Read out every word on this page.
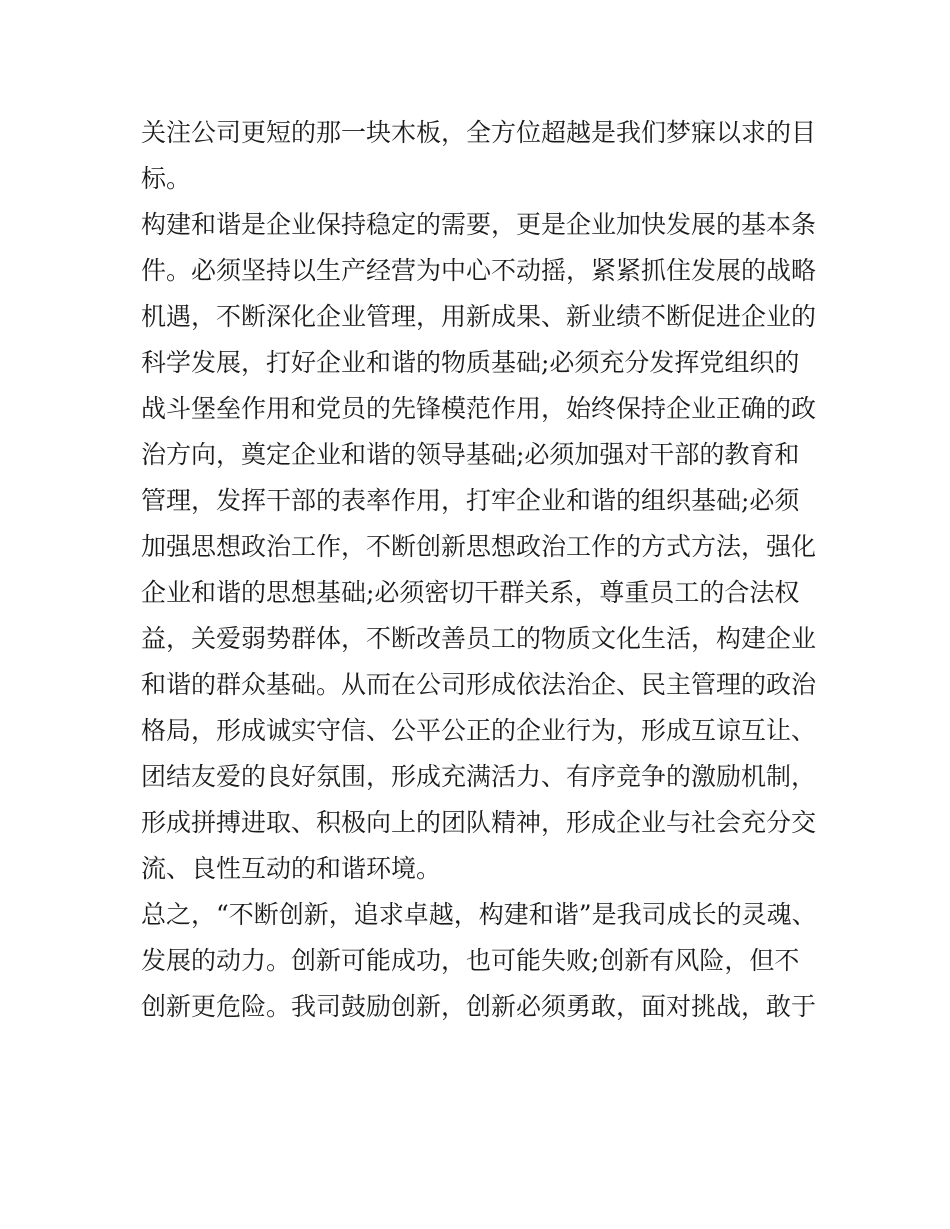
关注公司更短的那一块木板，全方位超越是我们梦寐以求的目
标。
构建和谐是企业保持稳定的需要，更是企业加快发展的基本条
件。必须坚持以生产经营为中心不动摇，紧紧抓住发展的战略
机遇，不断深化企业管理，用新成果、新业绩不断促进企业的
科学发展，打好企业和谐的物质基础;必须充分发挥党组织的
战斗堡垒作用和党员的先锋模范作用，始终保持企业正确的政
治方向，奠定企业和谐的领导基础;必须加强对干部的教育和
管理，发挥干部的表率作用，打牢企业和谐的组织基础;必须
加强思想政治工作，不断创新思想政治工作的方式方法，强化
企业和谐的思想基础;必须密切干群关系，尊重员工的合法权
益，关爱弱势群体，不断改善员工的物质文化生活，构建企业
和谐的群众基础。从而在公司形成依法治企、民主管理的政治
格局，形成诚实守信、公平公正的企业行为，形成互谅互让、
团结友爱的良好氛围，形成充满活力、有序竞争的激励机制，
形成拼搏进取、积极向上的团队精神，形成企业与社会充分交
流、良性互动的和谐环境。
总之，“不断创新，追求卓越，构建和谐”是我司成长的灵魂、
发展的动力。创新可能成功，也可能失败;创新有风险，但不
创新更危险。我司鼓励创新，创新必须勇敢，面对挑战，敢于
